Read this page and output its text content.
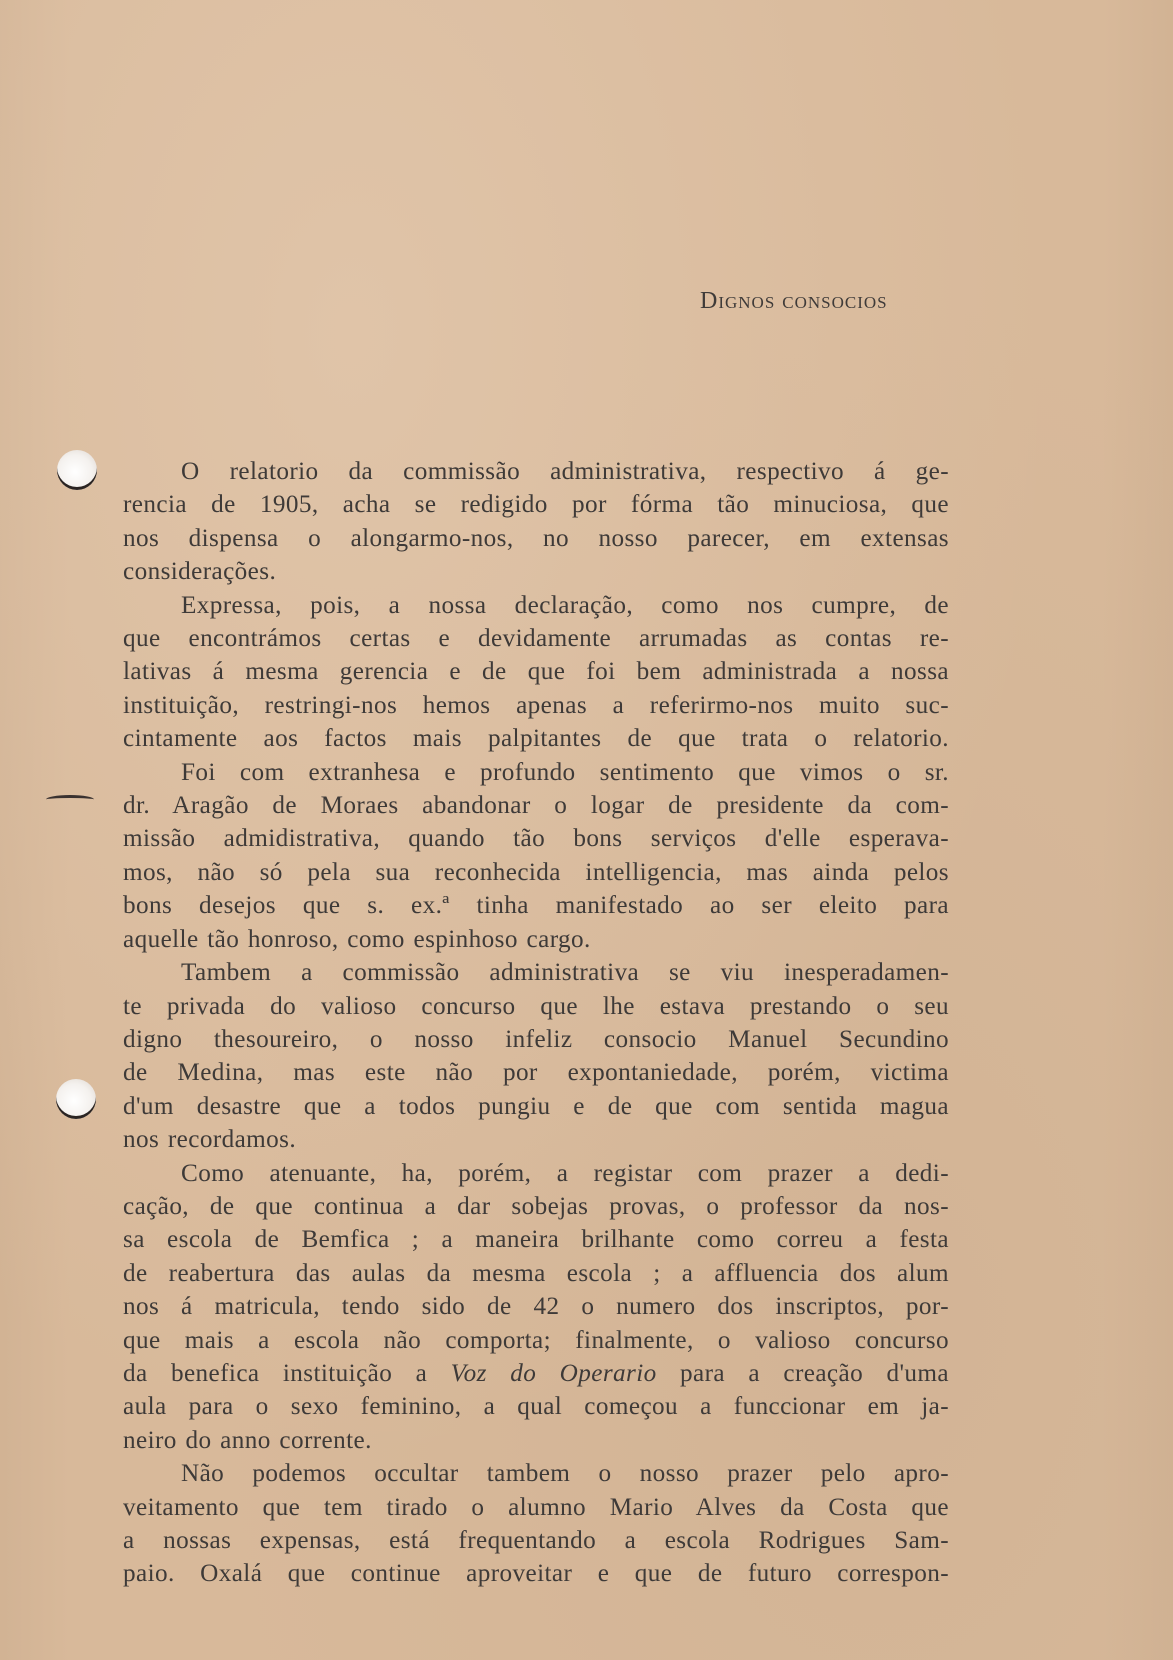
Dignos consocios
O relatorio da commissão administrativa, respectivo á ge-
rencia de 1905, acha se redigido por fórma tão minuciosa, que
nos dispensa o alongarmo-nos, no nosso parecer, em extensas
considerações.
Expressa, pois, a nossa declaração, como nos cumpre, de
que encontrámos certas e devidamente arrumadas as contas re-
lativas á mesma gerencia e de que foi bem administrada a nossa
instituição, restringi-nos hemos apenas a referirmo-nos muito suc-
cintamente aos factos mais palpitantes de que trata o relatorio.
Foi com extranhesa e profundo sentimento que vimos o sr.
dr. Aragão de Moraes abandonar o logar de presidente da com-
missão admidistrativa, quando tão bons serviços d'elle esperava-
mos, não só pela sua reconhecida intelligencia, mas ainda pelos
bons desejos que s. ex.ª tinha manifestado ao ser eleito para
aquelle tão honroso, como espinhoso cargo.
Tambem a commissão administrativa se viu inesperadamen-
te privada do valioso concurso que lhe estava prestando o seu
digno thesoureiro, o nosso infeliz consocio Manuel Secundino
de Medina, mas este não por expontaniedade, porém, victima
d'um desastre que a todos pungiu e de que com sentida magua
nos recordamos.
Como atenuante, ha, porém, a registar com prazer a dedi-
cação, de que continua a dar sobejas provas, o professor da nos-
sa escola de Bemfica ; a maneira brilhante como correu a festa
de reabertura das aulas da mesma escola ; a affluencia dos alum
nos á matricula, tendo sido de 42 o numero dos inscriptos, por-
que mais a escola não comporta; finalmente, o valioso concurso
da benefica instituição a Voz do Operario para a creação d'uma
aula para o sexo feminino, a qual começou a funccionar em ja-
neiro do anno corrente.
Não podemos occultar tambem o nosso prazer pelo apro-
veitamento que tem tirado o alumno Mario Alves da Costa que
a nossas expensas, está frequentando a escola Rodrigues Sam-
paio. Oxalá que continue aproveitar e que de futuro correspon-
